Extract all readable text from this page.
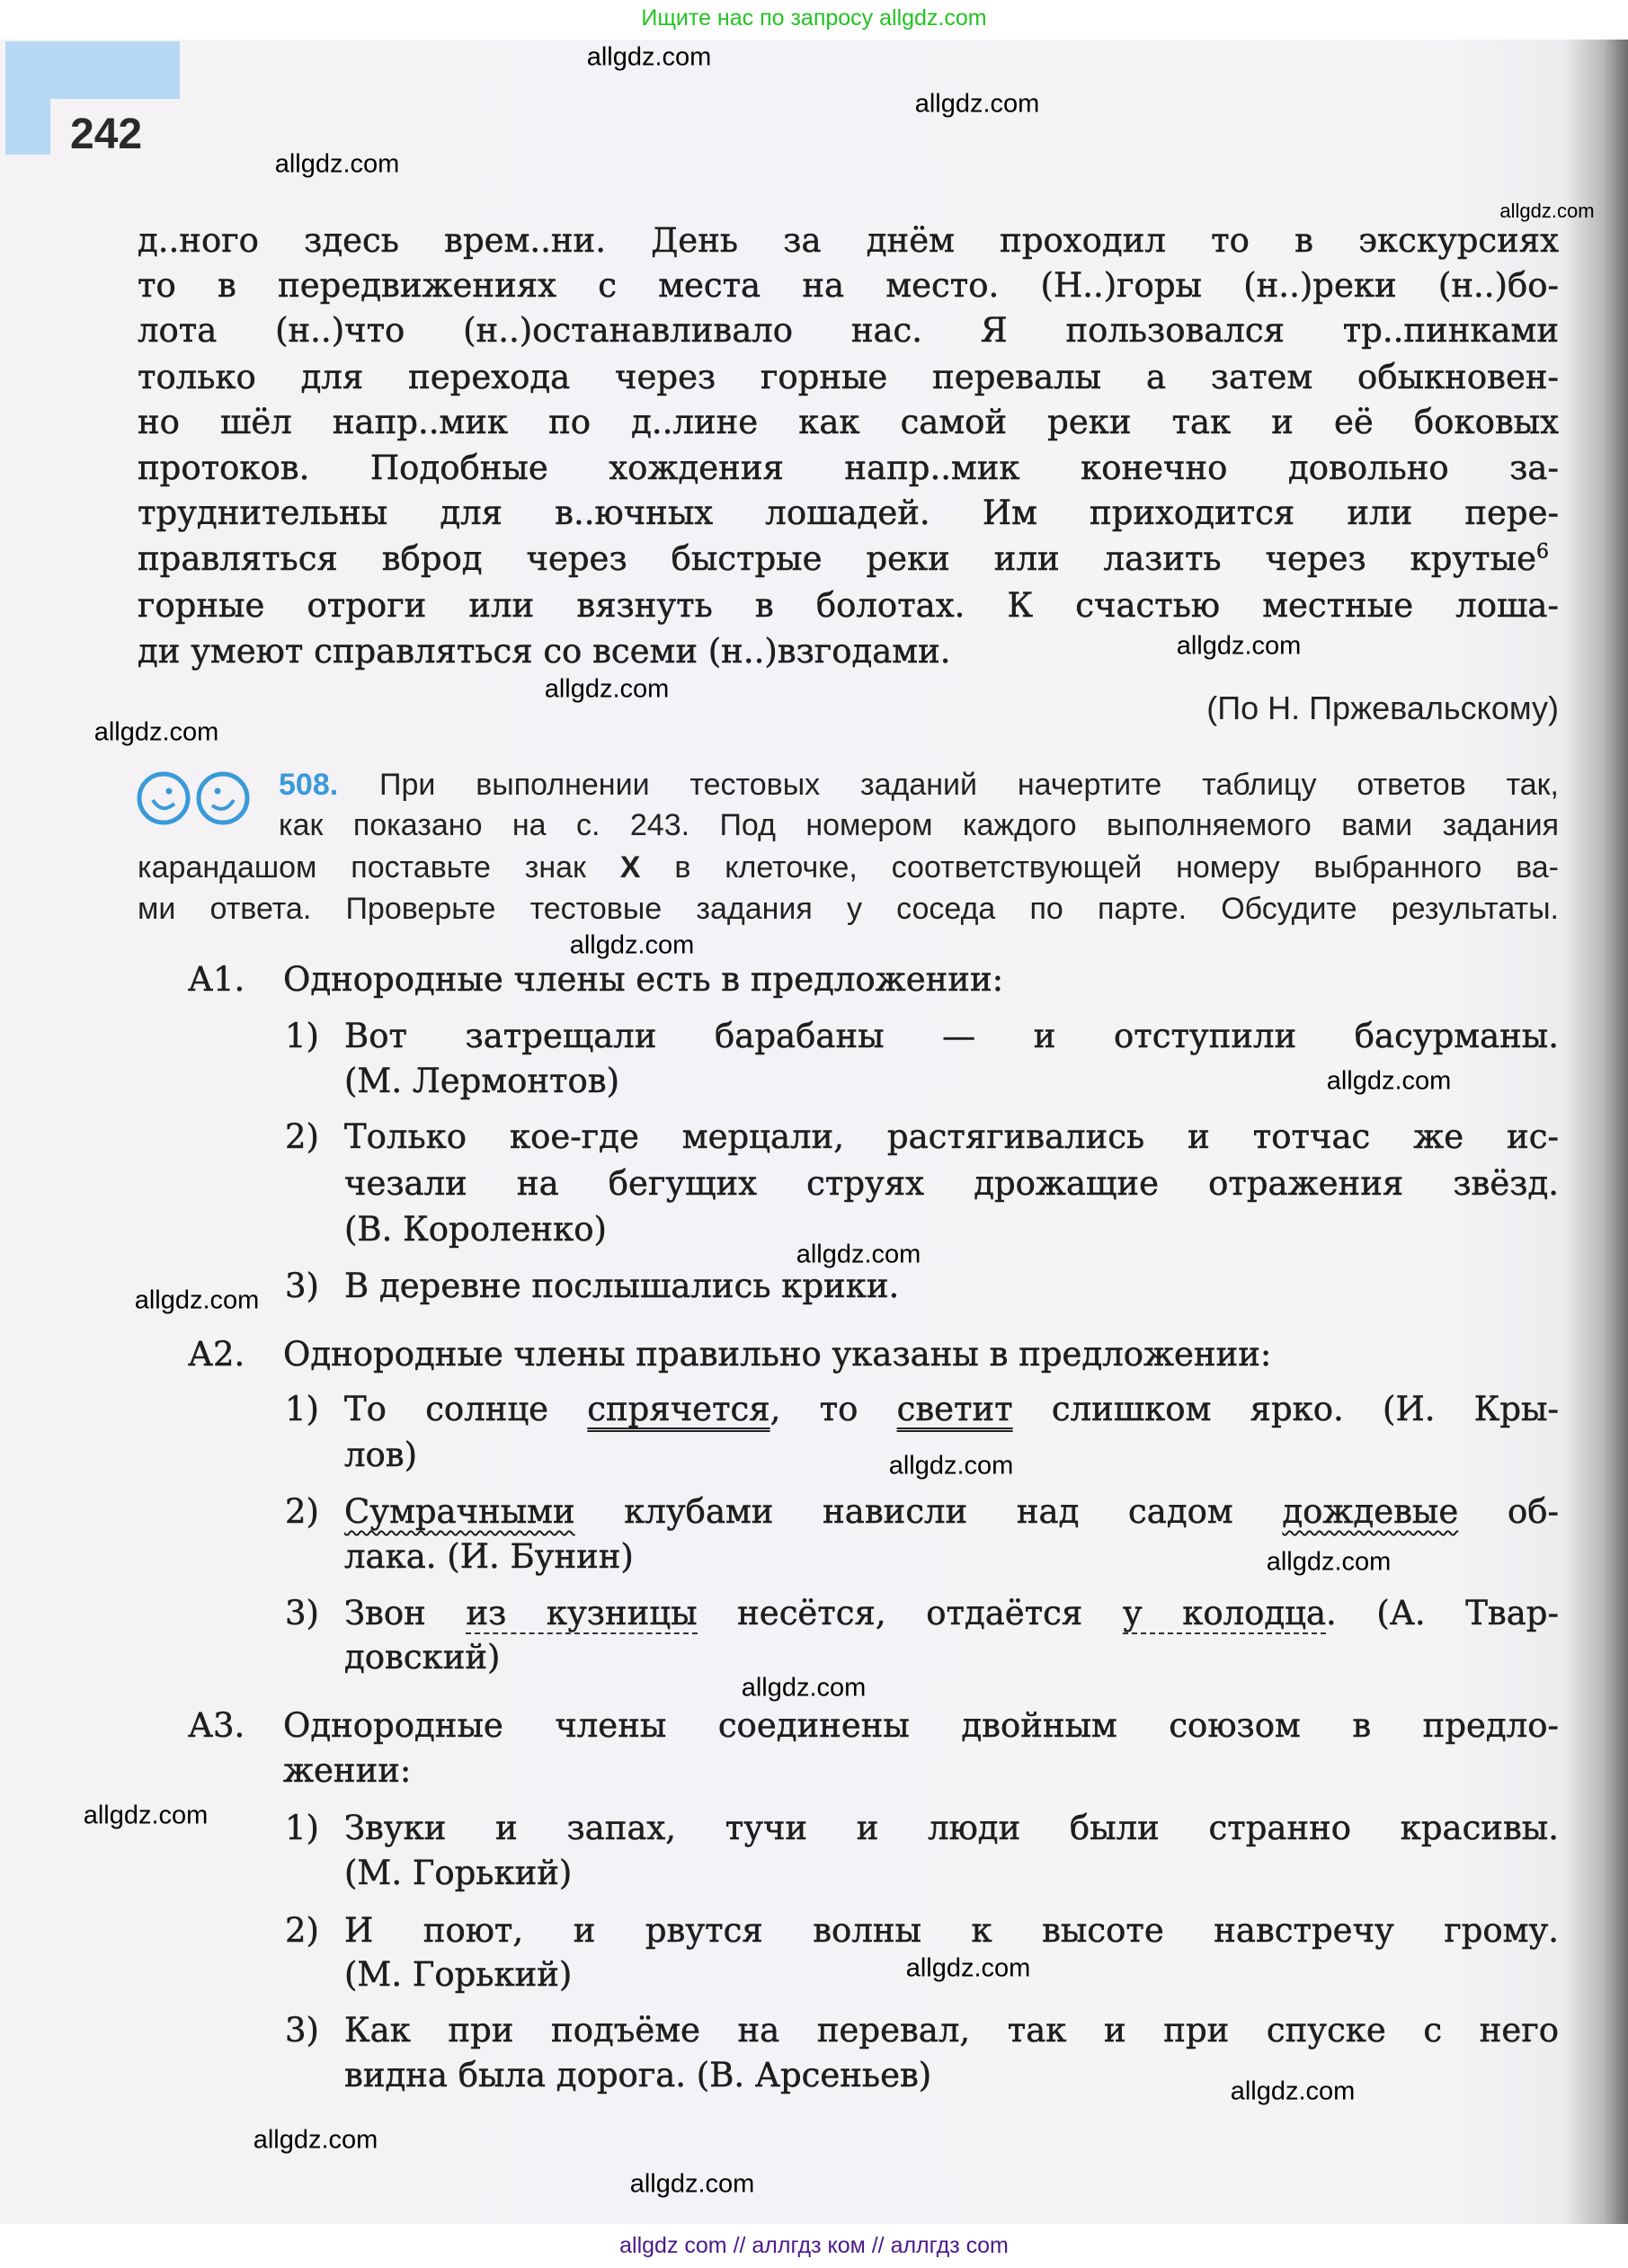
Ищите нас по запросу allgdz.com
242
д..ного здесь врем..ни. День за днём проходил то в экскурсиях
то в передвижениях с места на место. (Н..)горы (н..)реки (н..)бо-
лота (н..)что (н..)останавливало нас. Я пользовался тр..пинками
только для перехода через горные перевалы а затем обыкновен-
но шёл напр..мик по д..лине как самой реки так и её боковых
протоков. Подобные хождения напр..мик конечно довольно за-
труднительны для в..ючных лошадей. Им приходится или пере-
правляться вброд через быстрые реки или лазить через крутые$^6$
горные отроги или вязнуть в болотах. К счастью местные лоша-
ди умеют справляться со всеми (н..)взгодами.
(По Н. Пржевальскому)
508.	При выполнении тестовых заданий начертите таблицу ответов так,
как показано на с. 243. Под номером каждого выполняемого вами задания
карандашом поставьте знак X в клеточке, соответствующей номеру выбранного ва-
ми ответа. Проверьте тестовые задания у соседа по парте. Обсудите результаты.
А1. Однородные члены есть в предложении:
1) Вот затрещали барабаны — и отступили басурманы.
(М. Лермонтов)
2) Только кое-где мерцали, растягивались и тотчас же ис-
чезали на бегущих струях дрожащие отражения звёзд.
(В. Короленко)
3) В деревне послышались крики.
А2. Однородные члены правильно указаны в предложении:
1) То солнце спрячется, то светит слишком ярко. (И. Кры-
лов)
2) Сумрачными клубами нависли над садом дождевые об-
лака. (И. Бунин)
3) Звон из кузницы несётся, отдаётся у колодца. (А. Твар-
довский)
А3. Однородные члены соединены двойным союзом в предло-
жении:
1) Звуки и запах, тучи и люди были странно красивы.
(М. Горький)
2) И поют, и рвутся волны к высоте навстречу грому.
(М. Горький)
3) Как при подъёме на перевал, так и при спуске с него
видна была дорога. (В. Арсеньев)
allgdz.com
allgdz.com
allgdz.com
allgdz.com
allgdz.com
allgdz.com
allgdz.com
allgdz.com
allgdz.com
allgdz.com
allgdz.com
allgdz.com
allgdz.com
allgdz.com
allgdz.com
allgdz.com
allgdz.com
allgdz.com
allgdz.com
allgdz com // аллгдз ком // аллгдз com
